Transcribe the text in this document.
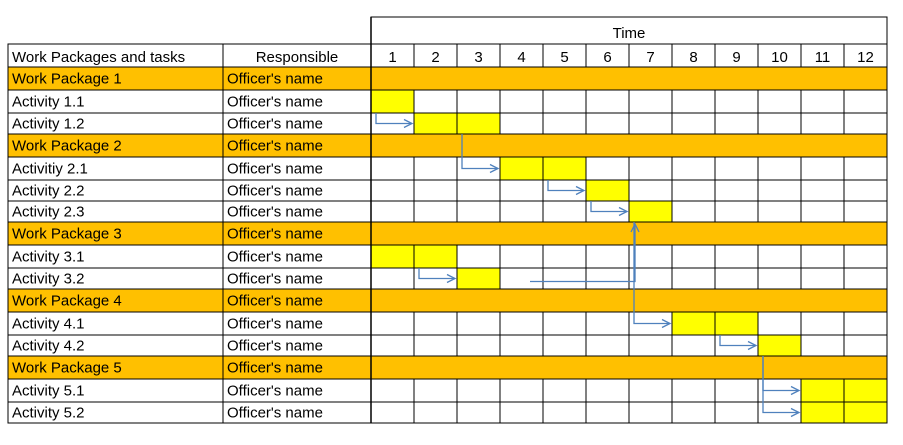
Time
Work Packages and tasks	Responsible	1 2 3 4 5 6 7 8 9 10 11 12
Work Package 1	Officer's name
Activity 1.1	Officer's name
Activity 1.2	Officer's name
Work Package 2	Officer's name
Activitiy 2.1	Officer's name
Activity 2.2	Officer's name
Activity 2.3	Officer's name
Work Package 3	Officer's name
Activity 3.1	Officer's name
Activity 3.2	Officer's name
Work Package 4	Officer's name
Activity 4.1	Officer's name
Activity 4.2	Officer's name
Work Package 5	Officer's name
Activity 5.1	Officer's name
Activity 5.2	Officer's name
